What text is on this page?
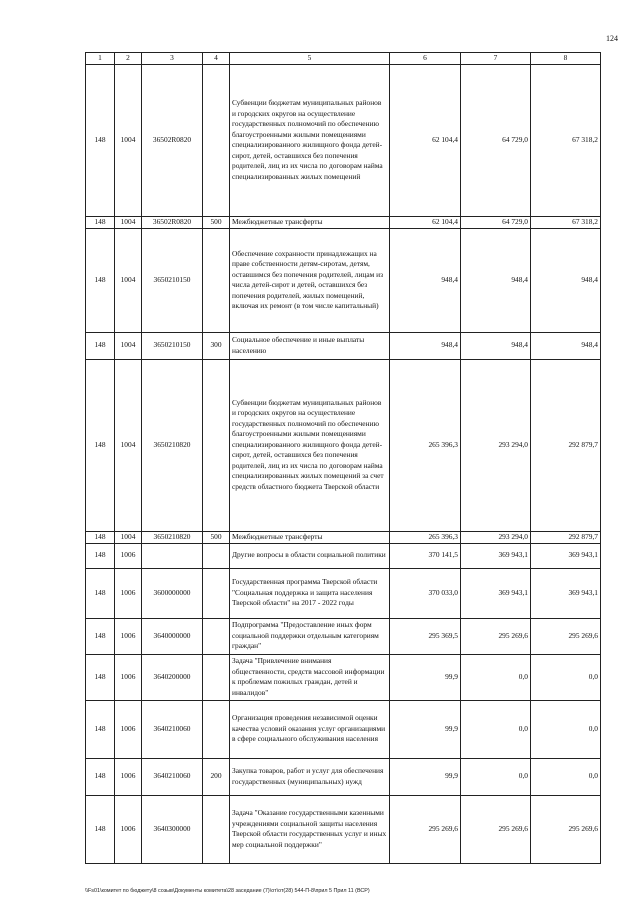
124
1	2	3	4	5	6	7	8
148	1004	36502R0820		Субвенции бюджетам муниципальных районов и городских округов на осуществление государственных полномочий по обеспечению благоустроенными жилыми помещениями специализированного жилищного фонда детей-сирот, детей, оставшихся без попечения родителей, лиц из их числа по договорам найма специализированных жилых помещений	62 104,4	64 729,0	67 318,2
148	1004	36502R0820	500	Межбюджетные трансферты	62 104,4	64 729,0	67 318,2
148	1004	3650210150		Обеспечение сохранности принадлежащих на праве собственности детям-сиротам, детям, оставшимся без попечения родителей, лицам из числа детей-сирот и детей, оставшихся без попечения родителей, жилых помещений, включая их ремонт (в том числе капитальный)	948,4	948,4	948,4
148	1004	3650210150	300	Социальное обеспечение и иные выплаты населению	948,4	948,4	948,4
148	1004	3650210820		Субвенции бюджетам муниципальных районов и городских округов на осуществление государственных полномочий по обеспечению благоустроенными жилыми помещениями специализированного жилищного фонда детей-сирот, детей, оставшихся без попечения родителей, лиц из их числа по договорам найма специализированных жилых помещений за счет средств областного бюджета Тверской области	265 396,3	293 294,0	292 879,7
148	1004	3650210820	500	Межбюджетные трансферты	265 396,3	293 294,0	292 879,7
148	1006			Другие вопросы в области социальной политики	370 141,5	369 943,1	369 943,1
148	1006	3600000000		Государственная программа Тверской области "Социальная поддержка и защита населения Тверской области" на 2017 - 2022 годы	370 033,0	369 943,1	369 943,1
148	1006	3640000000		Подпрограмма "Предоставление иных форм социальной поддержки отдельным категориям граждан"	295 369,5	295 269,6	295 269,6
148	1006	3640200000		Задача "Привлечение внимания общественности, средств массовой информации к проблемам пожилых граждан, детей и инвалидов"	99,9	0,0	0,0
148	1006	3640210060		Организация проведения независимой оценки качества условий оказания услуг организациями в сфере социального обслуживания населения	99,9	0,0	0,0
148	1006	3640210060	200	Закупка товаров, работ и услуг для обеспечения государственных (муниципальных) нужд	99,9	0,0	0,0
148	1006	3640300000		Задача "Оказание государственными казенными учреждениями социальной защиты населения Тверской области государственных услуг и иных мер социальной поддержки"	295 269,6	295 269,6	295 269,6
\\Fs01\комитет по бюджету\8 созыв\Документы комитета\28 заседание (7)\от\от(28) 544-П-8\прил 5 Прил 11 (ВСР)
